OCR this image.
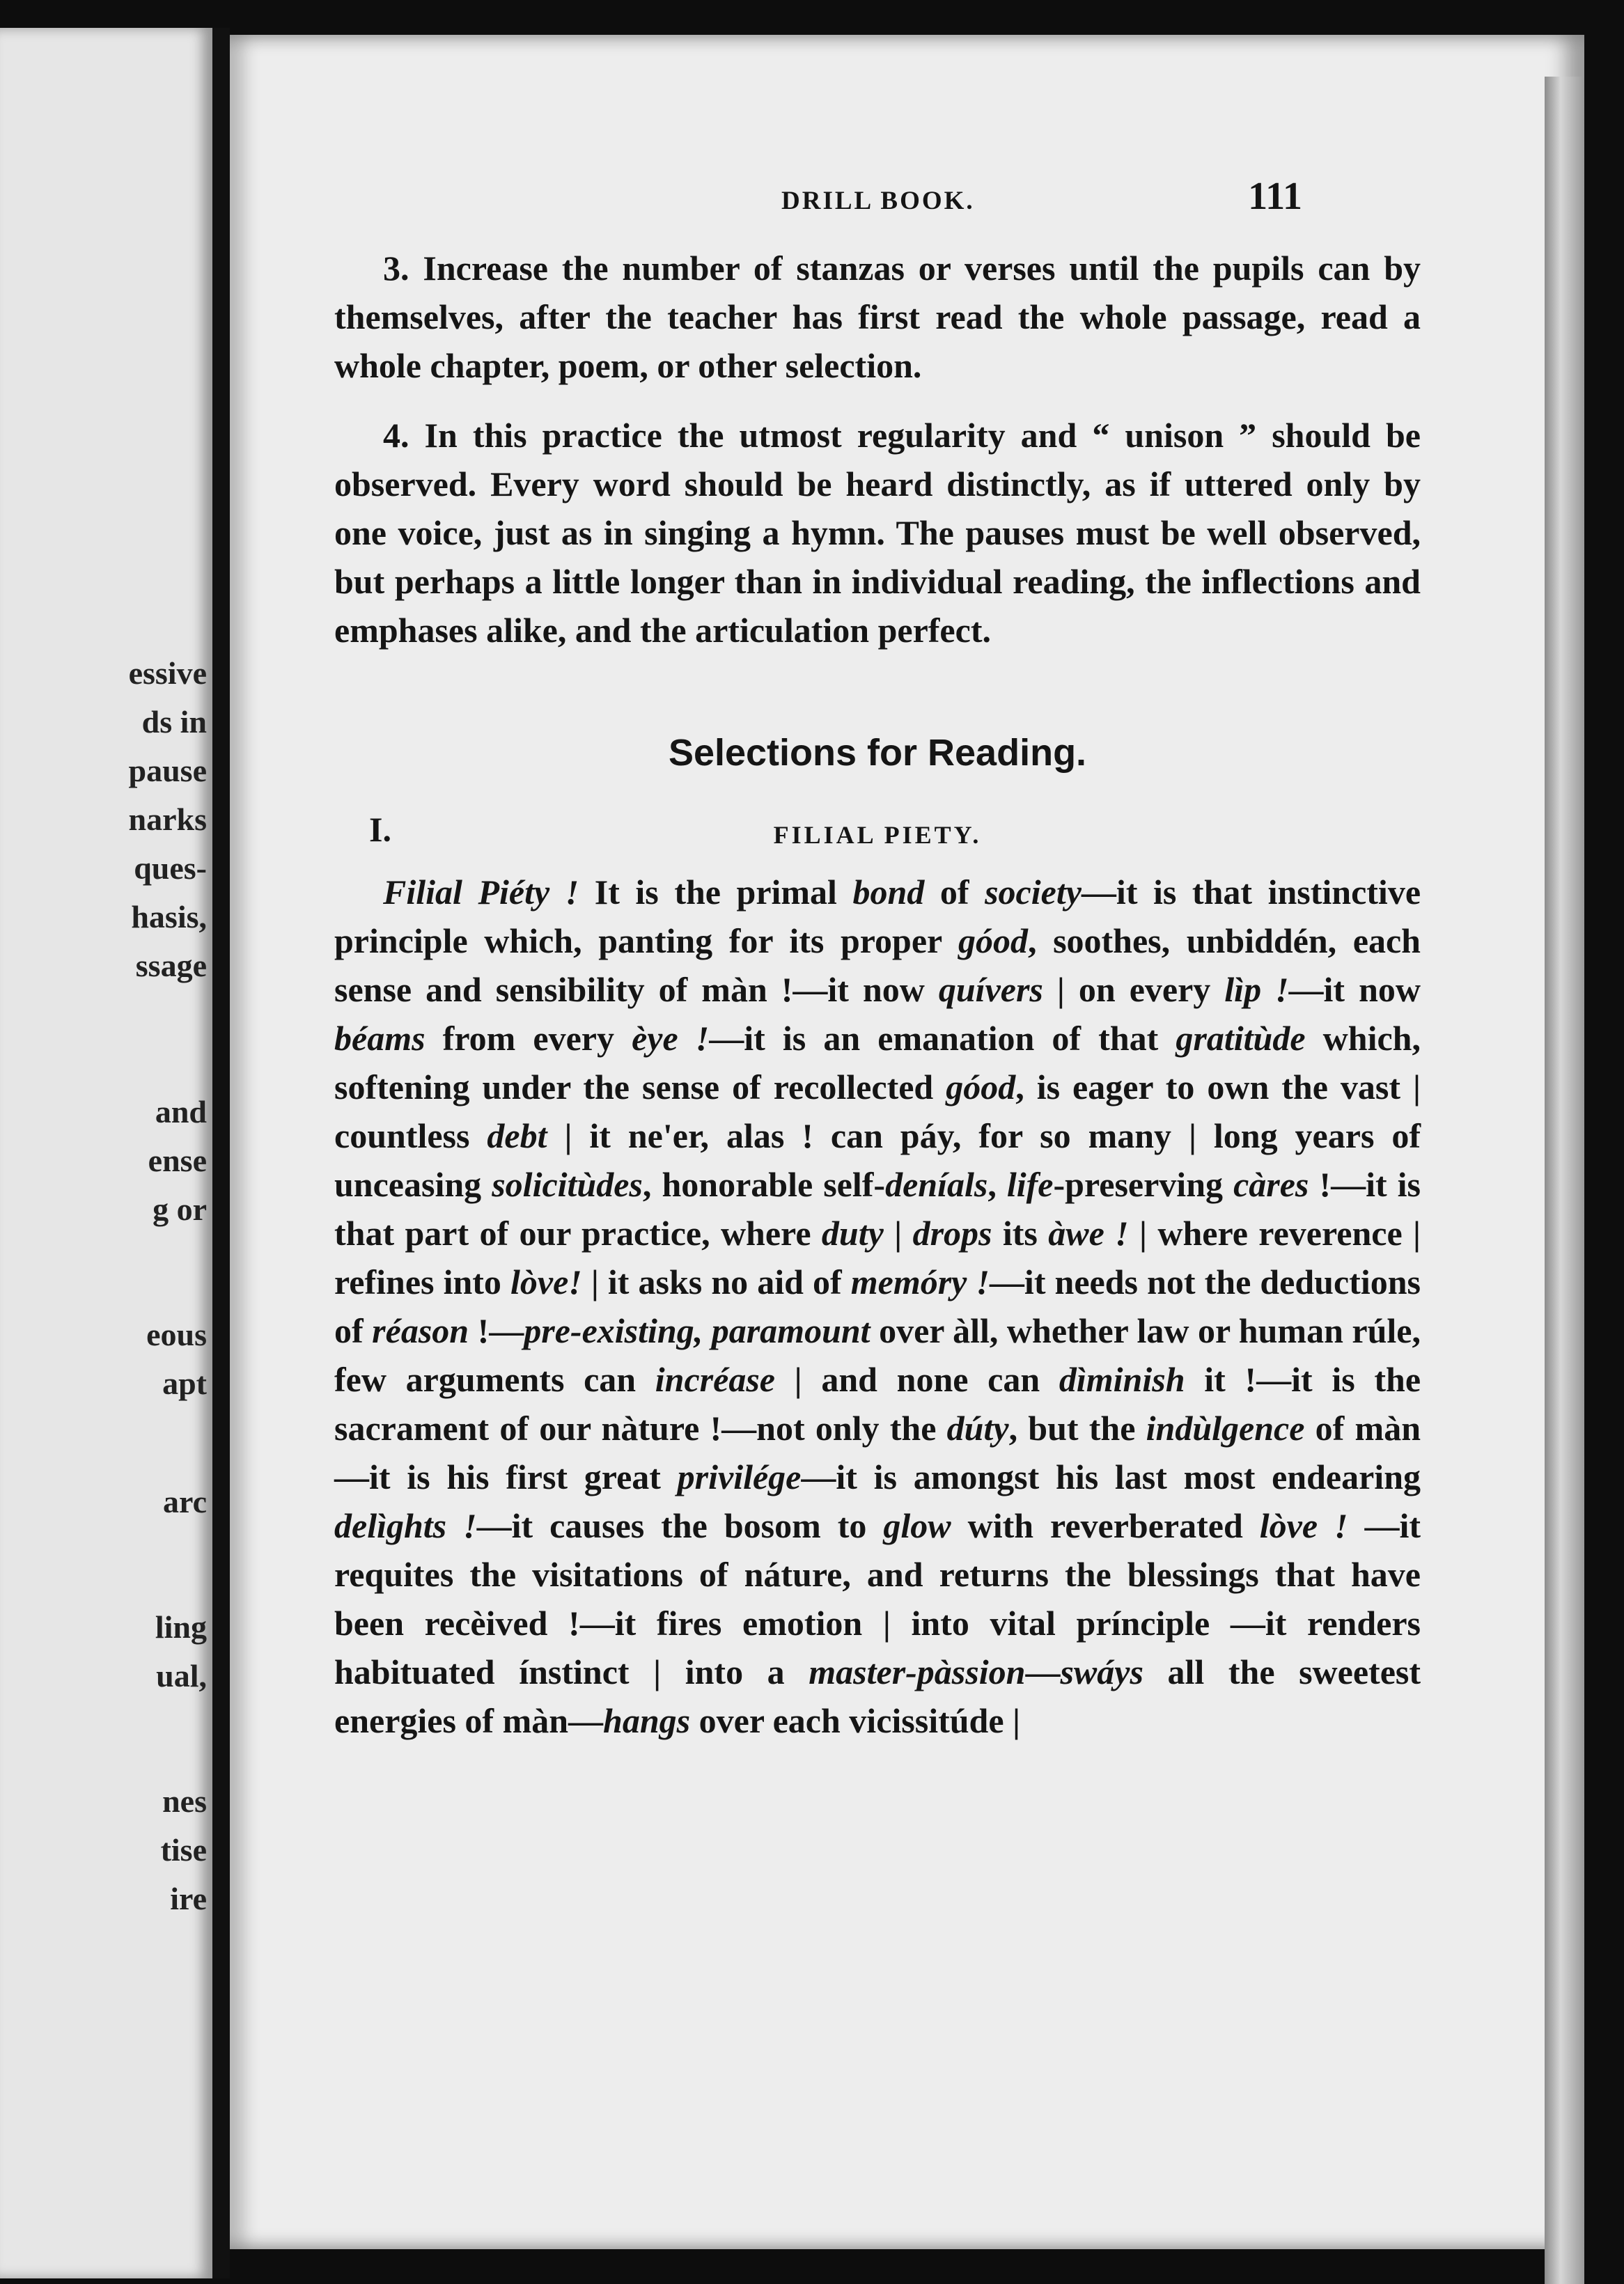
essive
ds in
pause
narks
ques-
hasis,
ssage
and
ense
g or
eous
apt
arc
ling
ual,
nes
tise
ire
DRILL BOOK.	111

3. Increase the number of stanzas or verses until the pupils can by themselves, after the teacher has first read the whole passage, read a whole chapter, poem, or other selection.

4. In this practice the utmost regularity and “ unison ” should be observed. Every word should be heard distinctly, as if uttered only by one voice, just as in singing a hymn. The pauses must be well observed, but perhaps a little longer than in individual reading, the inflections and emphases alike, and the articulation perfect.

Selections for Reading.
I.	FILIAL PIETY.

Filial Piéty ! It is the primal bond of society—it is that instinctive principle which, panting for its proper góod, soothes, unbiddén, each sense and sensibility of màn !—it now quívers | on every lìp !—it now béams from every èye !—it is an emanation of that gratitùde which, softening under the sense of recollected góod, is eager to own the vast | countless debt | it ne'er, alas ! can páy, for so many | long years of unceasing solicitùdes, honorable self-deníals, life-preserving càres !—it is that part of our practice, where duty | drops its àwe ! | where reverence | refines into lòve! | it asks no aid of memóry !—it needs not the deductions of réason !—pre-existing, paramount over àll, whether law or human rúle, few arguments can incréase | and none can dìminish it !—it is the sacrament of our nàture !—not only the dúty, but the indùlgence of màn—it is his first great privilége—it is amongst his last most endearing delìghts !—it causes the bosom to glow with reverberated lòve ! —it requites the visitations of náture, and returns the blessings that have been recèived !—it fires emotion | into vital prínciple —it renders habituated ínstinct | into a master-pàssion—swáys all the sweetest energies of màn—hangs over each vicissitúde |
